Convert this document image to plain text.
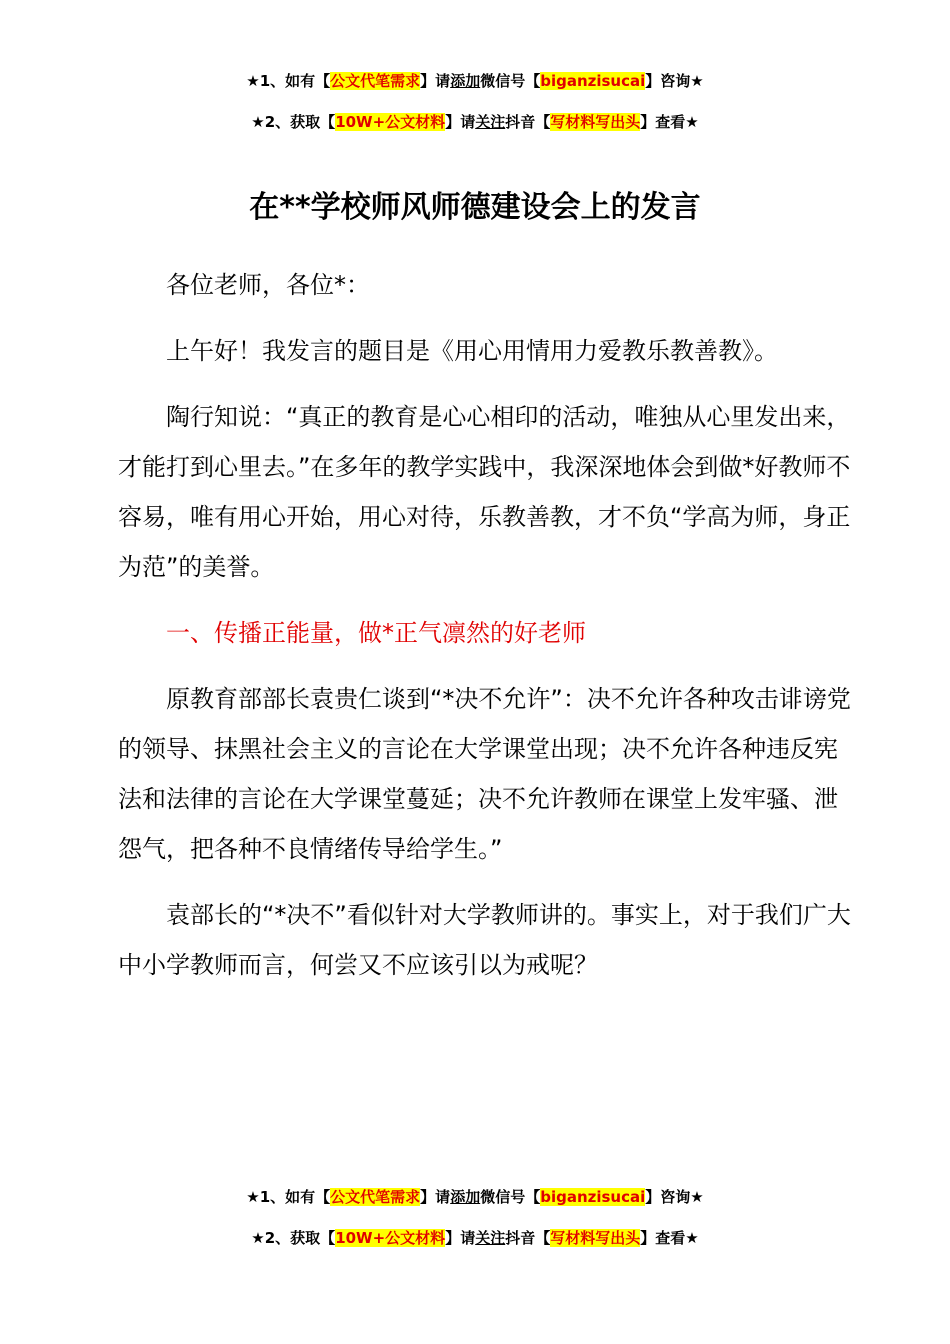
★1、如有【公文代笔需求】请添加微信号【biganzisucai】咨询★
★2、获取【10W+公文材料】请关注抖音【写材料写出头】查看★
在**学校师风师德建设会上的发言

各位老师，各位*：

上午好！我发言的题目是《用心用情用力爱教乐教善教》。

陶行知说：“真正的教育是心心相印的活动，唯独从心里发出来，才能打到心里去。”在多年的教学实践中，我深深地体会到做*好教师不容易，唯有用心开始，用心对待，乐教善教，才不负“学高为师，身正为范”的美誉。

一、传播正能量，做*正气凛然的好老师

原教育部部长袁贵仁谈到“*决不允许”：决不允许各种攻击诽谤党的领导、抹黑社会主义的言论在大学课堂出现；决不允许各种违反宪法和法律的言论在大学课堂蔓延；决不允许教师在课堂上发牢骚、泄怨气，把各种不良情绪传导给学生。”

袁部长的“*决不”看似针对大学教师讲的。事实上，对于我们广大中小学教师而言，何尝又不应该引以为戒呢？

★1、如有【公文代笔需求】请添加微信号【biganzisucai】咨询★
★2、获取【10W+公文材料】请关注抖音【写材料写出头】查看★
